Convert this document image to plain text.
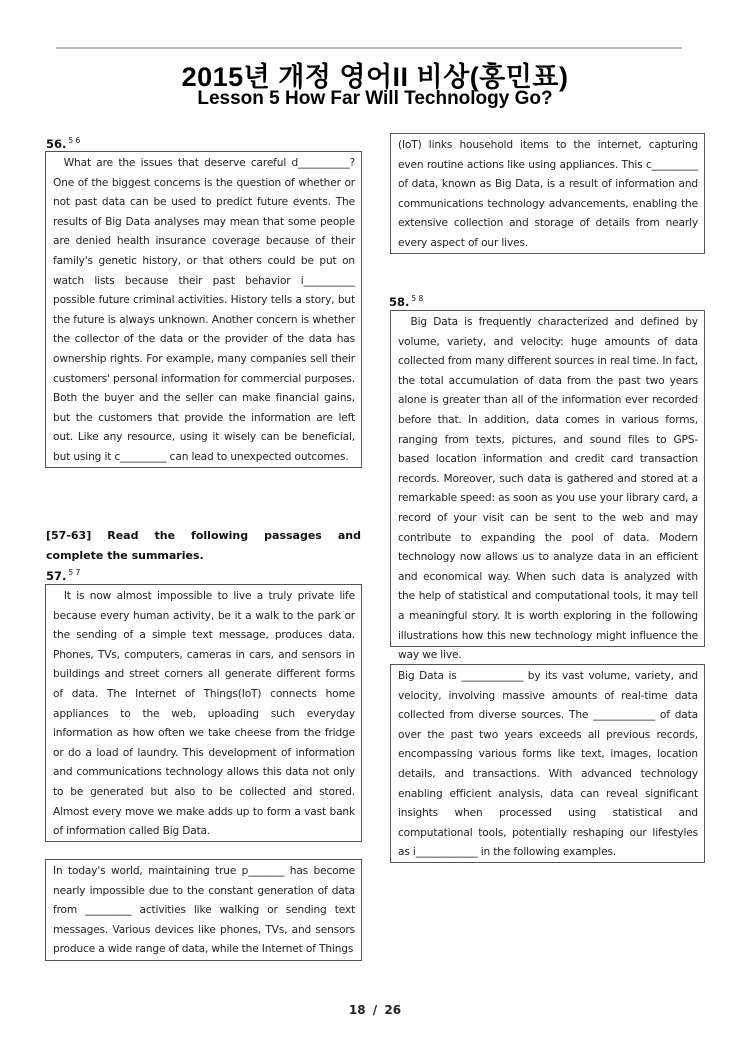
2015년 개정 영어II 비상(홍민표)
Lesson 5 How Far Will Technology Go?
56. $^{5 6}$

What are the issues that deserve careful d__________? One of the biggest concerns is the question of whether or not past data can be used to predict future events. The results of Big Data analyses may mean that some people are denied health insurance coverage because of their family's genetic history, or that others could be put on watch lists because their past behavior i__________ possible future criminal activities. History tells a story, but the future is always unknown. Another concern is whether the collector of the data or the provider of the data has ownership rights. For example, many companies sell their customers' personal information for commercial purposes. Both the buyer and the seller can make financial gains, but the customers that provide the information are left out. Like any resource, using it wisely can be beneficial, but using it c_________ can lead to unexpected outcomes.

[57-63] Read the following passages and complete the summaries.
57. $^{5 7}$

It is now almost impossible to live a truly private life because every human activity, be it a walk to the park or the sending of a simple text message, produces data. Phones, TVs, computers, cameras in cars, and sensors in buildings and street corners all generate different forms of data. The Internet of Things(IoT) connects home appliances to the web, uploading such everyday information as how often we take cheese from the fridge or do a load of laundry. This development of information and communications technology allows this data not only to be generated but also to be collected and stored. Almost every move we make adds up to form a vast bank of information called Big Data.

In today's world, maintaining true p_______ has become nearly impossible due to the constant generation of data from _________ activities like walking or sending text messages. Various devices like phones, TVs, and sensors produce a wide range of data, while the Internet of Things

(IoT) links household items to the internet, capturing even routine actions like using appliances. This c_________ of data, known as Big Data, is a result of information and communications technology advancements, enabling the extensive collection and storage of details from nearly every aspect of our lives.

58. $^{5 8}$

Big Data is frequently characterized and defined by volume, variety, and velocity: huge amounts of data collected from many different sources in real time. In fact, the total accumulation of data from the past two years alone is greater than all of the information ever recorded before that. In addition, data comes in various forms, ranging from texts, pictures, and sound files to GPS-based location information and credit card transaction records. Moreover, such data is gathered and stored at a remarkable speed: as soon as you use your library card, a record of your visit can be sent to the web and may contribute to expanding the pool of data. Modern technology now allows us to analyze data in an efficient and economical way. When such data is analyzed with the help of statistical and computational tools, it may tell a meaningful story. It is worth exploring in the following illustrations how this new technology might influence the way we live.

Big Data is ____________ by its vast volume, variety, and velocity, involving massive amounts of real-time data collected from diverse sources. The ____________ of data over the past two years exceeds all previous records, encompassing various forms like text, images, location details, and transactions. With advanced technology enabling efficient analysis, data can reveal significant insights when processed using statistical and computational tools, potentially reshaping our lifestyles as i____________ in the following examples.

18 / 26
